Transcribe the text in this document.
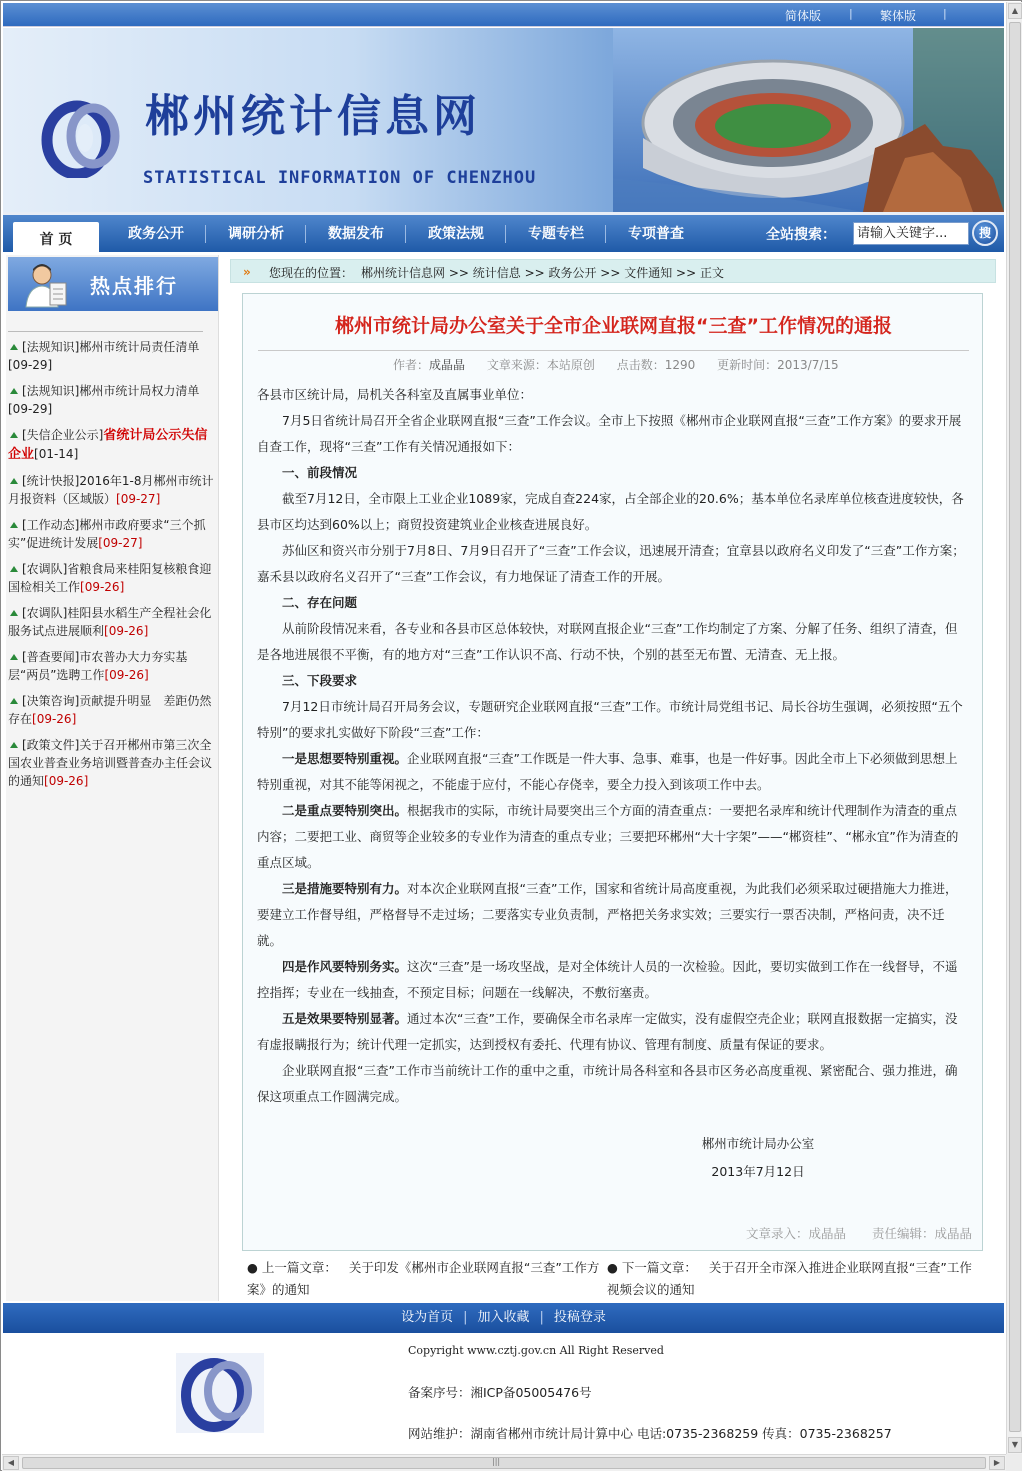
简体版	| 繁体版 |
郴州统计信息网
STATISTICAL INFORMATION OF CHENZHOU
首 页	政务公开	调研分析	数据发布	政策法规	专题专栏	专项普查	全站搜索：	请输入关键字...	搜
热点排行
[法规知识]郴州市统计局责任清单[09-29]
[法规知识]郴州市统计局权力清单[09-29]
[失信企业公示]省统计局公示失信企业[01-14]
[统计快报]2016年1-8月郴州市统计月报资料（区域版）[09-27]
[工作动态]郴州市政府要求“三个抓实”促进统计发展[09-27]
[农调队]省粮食局来桂阳复核粮食迎国检相关工作[09-26]
[农调队]桂阳县水稻生产全程社会化服务试点进展顺利[09-26]
[普查要闻]市农普办大力夯实基层“两员”选聘工作[09-26]
[决策咨询]贡献提升明显　差距仍然存在[09-26]
[政策文件]关于召开郴州市第三次全国农业普查业务培训暨普查办主任会议的通知[09-26]
» 您现在的位置： 郴州统计信息网 >> 统计信息 >> 政务公开 >> 文件通知 >> 正文
郴州市统计局办公室关于全市企业联网直报“三查”工作情况的通报
作者：成晶晶 文章来源：本站原创 点击数：1290 更新时间：2013/7/15

各县市区统计局，局机关各科室及直属事业单位：

7月5日省统计局召开全省企业联网直报“三查”工作会议。全市上下按照《郴州市企业联网直报“三查”工作方案》的要求开展自查工作，现将“三查”工作有关情况通报如下：

一、前段情况

截至7月12日，全市限上工业企业1089家，完成自查224家，占全部企业的20.6%；基本单位名录库单位核查进度较快，各县市区均达到60%以上；商贸投资建筑业企业核查进展良好。

苏仙区和资兴市分别于7月8日、7月9日召开了“三查”工作会议，迅速展开清查；宜章县以政府名义印发了“三查”工作方案；嘉禾县以政府名义召开了“三查”工作会议，有力地保证了清查工作的开展。

二、存在问题

从前阶段情况来看，各专业和各县市区总体较快，对联网直报企业“三查”工作均制定了方案、分解了任务、组织了清查，但是各地进展很不平衡，有的地方对“三查”工作认识不高、行动不快，个别的甚至无布置、无清查、无上报。

三、下段要求

7月12日市统计局召开局务会议，专题研究企业联网直报“三查”工作。市统计局党组书记、局长谷坊生强调，必须按照“五个特别”的要求扎实做好下阶段“三查”工作：

一是思想要特别重视。企业联网直报“三查”工作既是一件大事、急事、难事，也是一件好事。因此全市上下必须做到思想上特别重视，对其不能等闲视之，不能虚于应付，不能心存侥幸，要全力投入到该项工作中去。

二是重点要特别突出。根据我市的实际，市统计局要突出三个方面的清查重点：一要把名录库和统计代理制作为清查的重点内容；二要把工业、商贸等企业较多的专业作为清查的重点专业；三要把环郴州“大十字架”——“郴资桂”、“郴永宜”作为清查的重点区域。

三是措施要特别有力。对本次企业联网直报“三查”工作，国家和省统计局高度重视，为此我们必须采取过硬措施大力推进，要建立工作督导组，严格督导不走过场；二要落实专业负责制，严格把关务求实效；三要实行一票否决制，严格问责，决不迁就。

四是作风要特别务实。这次“三查”是一场攻坚战，是对全体统计人员的一次检验。因此，要切实做到工作在一线督导，不遥控指挥；专业在一线抽查，不预定目标；问题在一线解决，不敷衍塞责。

五是效果要特别显著。通过本次“三查”工作，要确保全市名录库一定做实，没有虚假空壳企业；联网直报数据一定搞实，没有虚报瞒报行为；统计代理一定抓实，达到授权有委托、代理有协议、管理有制度、质量有保证的要求。

企业联网直报“三查”工作市当前统计工作的重中之重，市统计局各科室和各县市区务必高度重视、紧密配合、强力推进，确保这项重点工作圆满完成。

郴州市统计局办公室
2013年7月12日
文章录入：成晶晶 责任编辑：成晶晶
● 上一篇文章： 关于印发《郴州市企业联网直报“三查”工作方案》的通知
● 下一篇文章： 关于召开全市深入推进企业联网直报“三查”工作视频会议的通知
设为首页 | 加入收藏 | 投稿登录
Copyright www.cztj.gov.cn All Right Reserved
备案序号：湘ICP备05005476号
网站维护：湖南省郴州市统计局计算中心 电话:0735-2368259 传真：0735-2368257
▲
▼
◀	|||	▶
